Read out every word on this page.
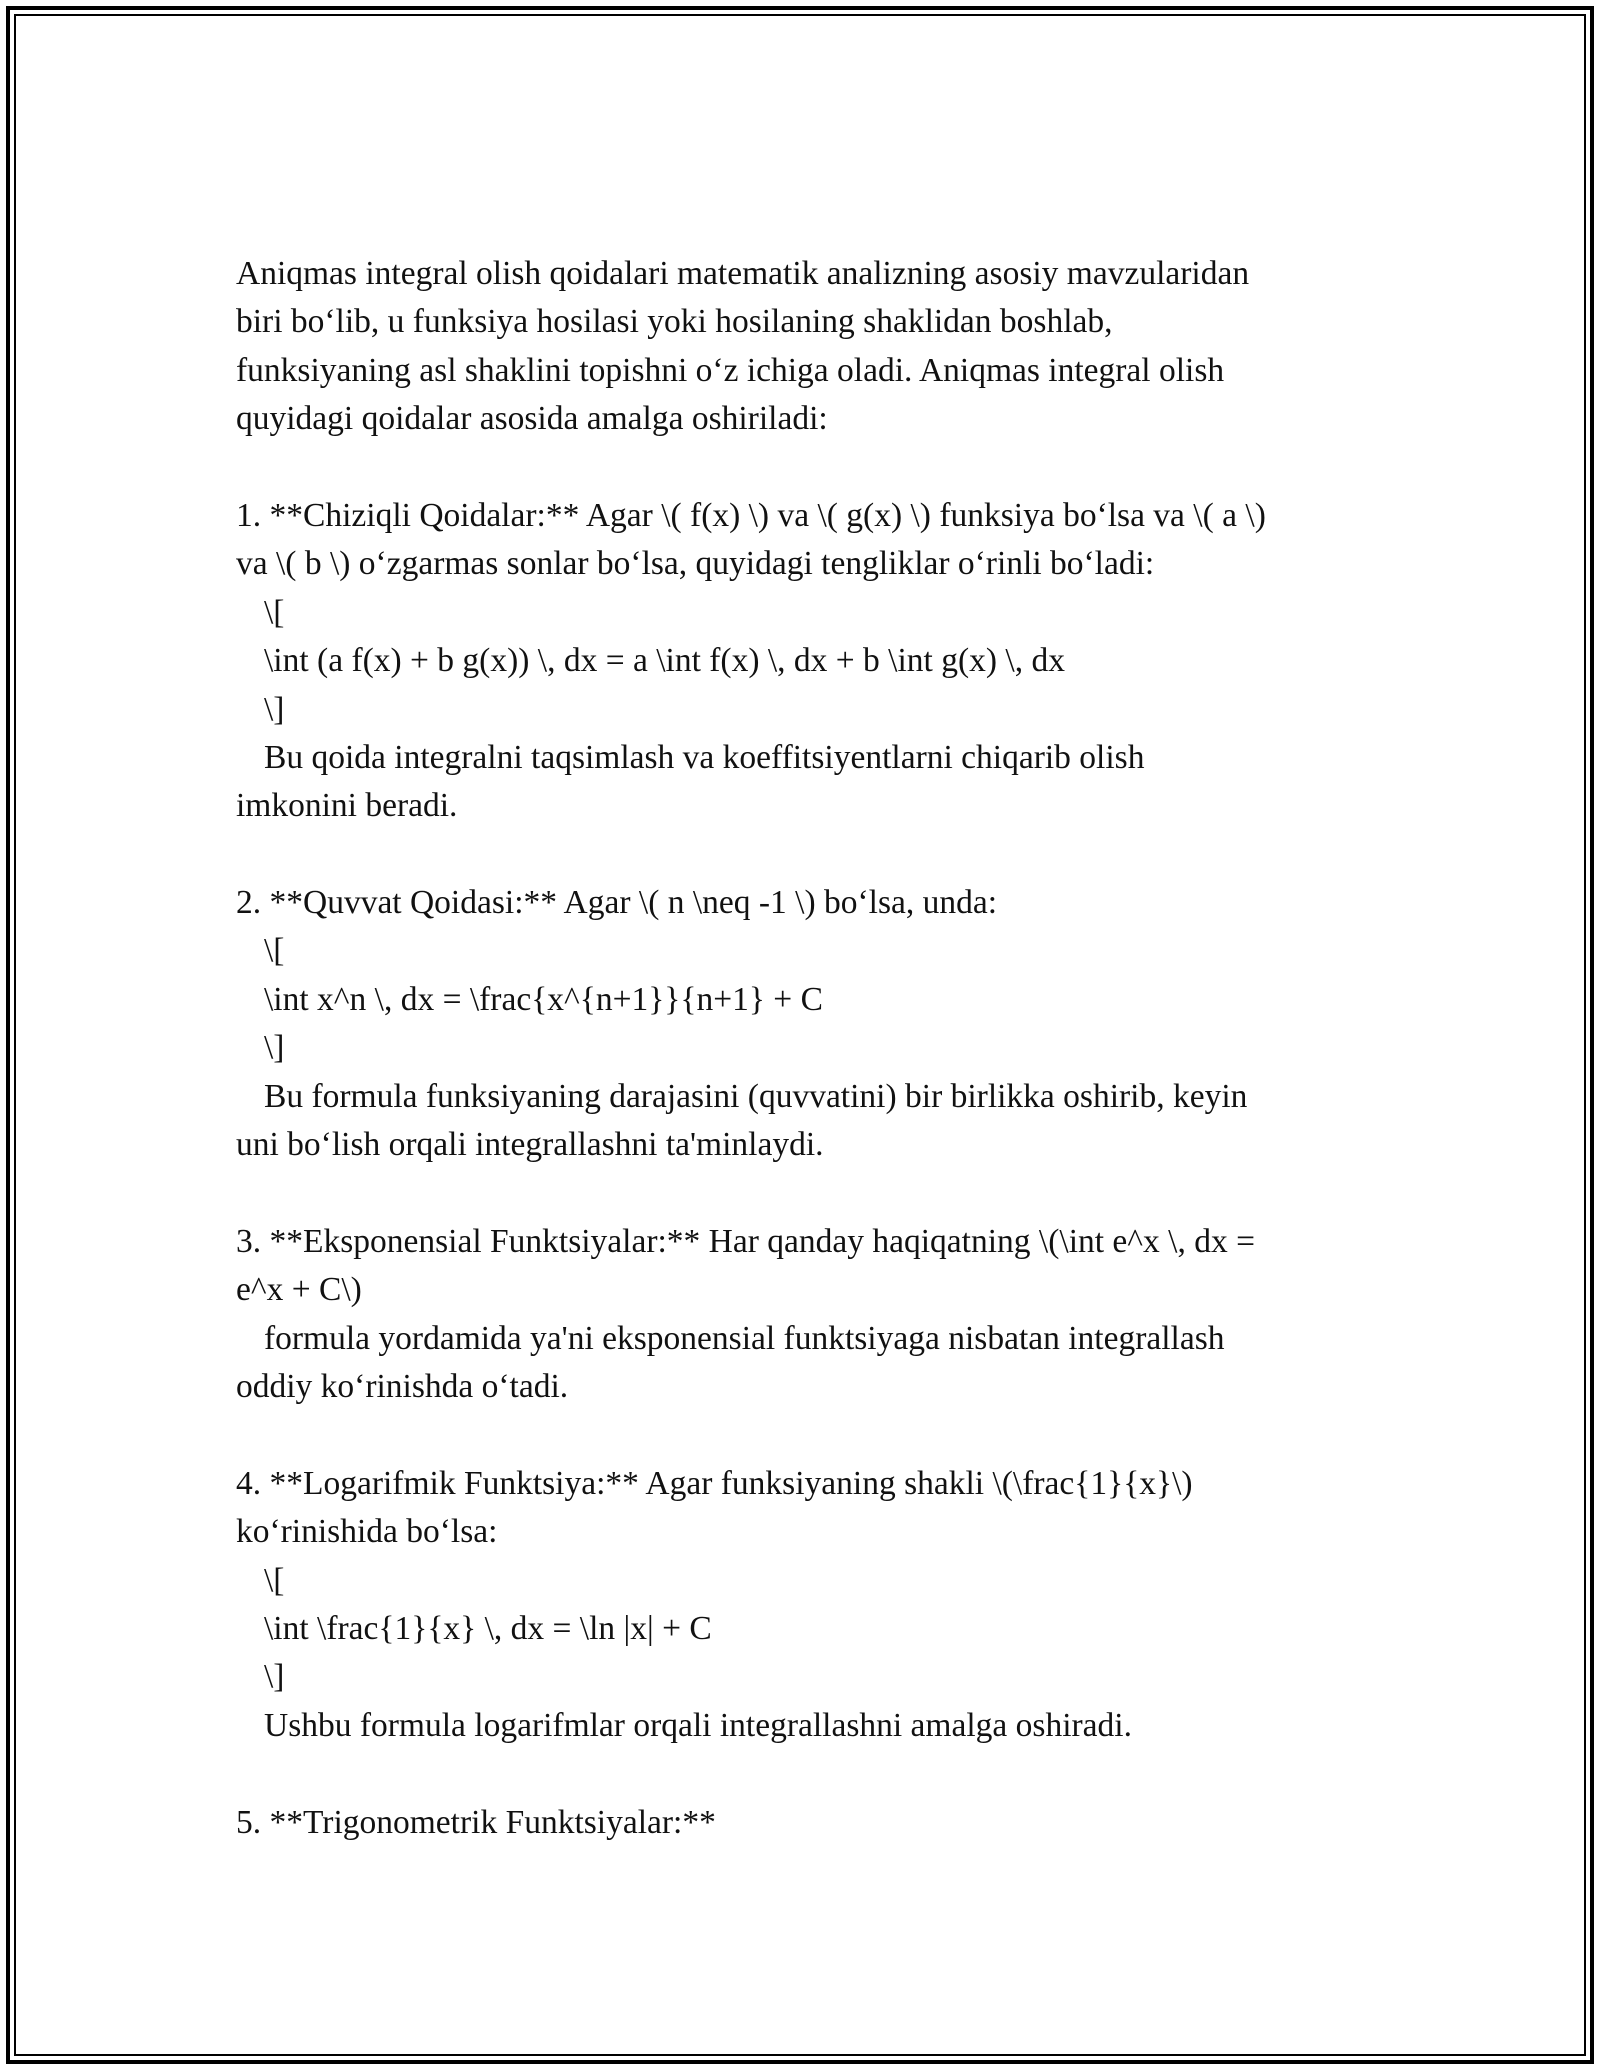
Aniqmas integral olish qoidalari matematik analizning asosiy mavzularidan
biri bo‘lib, u funksiya hosilasi yoki hosilaning shaklidan boshlab,
funksiyaning asl shaklini topishni o‘z ichiga oladi. Aniqmas integral olish
quyidagi qoidalar asosida amalga oshiriladi:
1. **Chiziqli Qoidalar:** Agar \( f(x) \) va \( g(x) \) funksiya bo‘lsa va \( a \)
va \( b \) o‘zgarmas sonlar bo‘lsa, quyidagi tengliklar o‘rinli bo‘ladi:
\[
\int (a f(x) + b g(x)) \, dx = a \int f(x) \, dx + b \int g(x) \, dx
\]
Bu qoida integralni taqsimlash va koeffitsiyentlarni chiqarib olish
imkonini beradi.
2. **Quvvat Qoidasi:** Agar \( n \neq -1 \) bo‘lsa, unda:
\[
\int x^n \, dx = \frac{x^{n+1}}{n+1} + C
\]
Bu formula funksiyaning darajasini (quvvatini) bir birlikka oshirib, keyin
uni bo‘lish orqali integrallashni ta'minlaydi.
3. **Eksponensial Funktsiyalar:** Har qanday haqiqatning \(\int e^x \, dx =
e^x + C\)
formula yordamida ya'ni eksponensial funktsiyaga nisbatan integrallash
oddiy ko‘rinishda o‘tadi.
4. **Logarifmik Funktsiya:** Agar funksiyaning shakli \(\frac{1}{x}\)
ko‘rinishida bo‘lsa:
\[
\int \frac{1}{x} \, dx = \ln |x| + C
\]
Ushbu formula logarifmlar orqali integrallashni amalga oshiradi.
5. **Trigonometrik Funktsiyalar:**
